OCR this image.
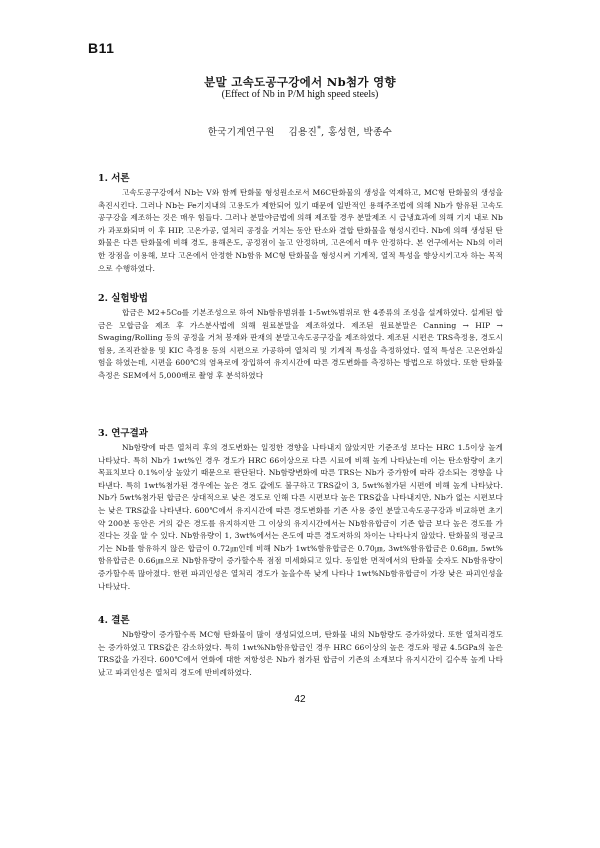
B11
분말 고속도공구강에서 Nb첨가 영향
(Effect of Nb in P/M high speed steels)
한국기계연구원 김용진*, 홍성현, 박종수
1. 서론

고속도공구강에서 Nb는 V와 함께 탄화물 형성원소로서 M6C탄화물의 생성을 억제하고, MC형 탄화물의 생성을 촉진시킨다. 그러나 Nb는 Fe기지내의 고용도가 제한되어 있기 때문에 일반적인 용해주조법에 의해 Nb가 함유된 고속도공구강을 제조하는 것은 매우 힘들다. 그러나 분말야금법에 의해 제조할 경우 분말제조 시 급냉효과에 의해 기지 내로 Nb가 과포화되며 이 후 HIP, 고온가공, 열처리 공정을 거치는 동안 탄소와 결합 탄화물을 형성시킨다. Nb에 의해 생성된 탄화물은 다른 탄화물에 비해 경도, 용해온도, 공정점이 높고 안정하며, 고온에서 매우 안정하다. 본 연구에서는 Nb의 이러한 장점을 이용해, 보다 고온에서 안정한 Nb함유 MC형 탄화물을 형성시켜 기계적, 열적 특성을 향상시키고자 하는 목적으로 수행하였다.

2. 실험방법

합금은 M2+5Co를 기본조성으로 하여 Nb함유범위를 1-5wt%범위로 한 4종류의 조성을 설계하였다. 설계된 합금은 모합금을 제조 후 가스분사법에 의해 원료분말을 제조하였다. 제조된 원료분말은 Canning → HIP → Swaging/Rolling 등의 공정을 거쳐 봉재와 판재의 분말고속도공구강을 제조하였다. 제조된 시편은 TRS측정용, 경도시험용, 조직관찰용 및 KIC 측정용 등의 시편으로 가공하여 열처리 및 기계적 특성을 측정하였다. 열적 특성은 고온연화실험을 하였는데, 시편을 600℃의 염욕로에 장입하여 유지시간에 따른 경도변화를 측정하는 방법으로 하였다. 또한 탄화물 측정은 SEM에서 5,000배로 촬영 후 분석하였다

3. 연구결과

Nb함량에 따른 열처리 후의 경도변화는 일정한 경향을 나타내지 않았지만 기준조성 보다는 HRC 1.5이상 높게 나타났다. 특히 Nb가 1wt%인 경우 경도가 HRC 66이상으로 다른 시료에 비해 높게 나타났는데 이는 탄소함량이 초기 목표치보다 0.1%이상 높았기 때문으로 판단된다. Nb함량변화에 따른 TRS는 Nb가 증가함에 따라 감소되는 경향을 나타낸다. 특히 1wt%첨가된 경우에는 높은 경도 값에도 불구하고 TRS값이 3, 5wt%첨가된 시편에 비해 높게 나타났다. Nb가 5wt%첨가된 합금은 상대적으로 낮은 경도로 인해 다른 시편보다 높은 TRS값을 나타내지만, Nb가 없는 시편보다는 낮은 TRS값을 나타낸다. 600℃에서 유지시간에 따른 경도변화를 기존 사용 중인 분말고속도공구강과 비교하면 초기 약 200분 동안은 거의 같은 경도를 유지하지만 그 이상의 유지시간에서는 Nb함유합금이 기존 합금 보다 높은 경도를 가진다는 것을 알 수 있다. Nb함유량이 1, 3wt%에서는 온도에 따른 경도저하의 차이는 나타나지 않았다. 탄화물의 평균크기는 Nb를 함유하지 않은 합금이 0.72㎛인데 비해 Nb가 1wt%함유합금은 0.70㎛, 3wt%함유합금은 0.68㎛, 5wt%함유합금은 0.66㎛으로 Nb함유량이 증가할수록 점점 미세화되고 있다. 동일한 면적에서의 탄화물 숫자도 Nb함유량이 증가할수록 많아졌다. 한편 파괴인성은 열처리 경도가 높을수록 낮게 나타나 1wt%Nb함유합금이 가장 낮은 파괴인성을 나타났다.

4. 결론

Nb함량이 증가할수록 MC형 탄화물이 많이 생성되었으며, 탄화물 내의 Nb함량도 증가하였다. 또한 열처리경도는 증가하였고 TRS값은 감소하였다. 특히 1wt%Nb함유합금인 경우 HRC 66이상의 높은 경도와 평균 4.5GPa의 높은 TRS값을 가진다. 600℃에서 연화에 대한 저항성은 Nb가 첨가된 합금이 기존의 소재보다 유지시간이 길수록 높게 나타났고 파괴인성은 열처리 경도에 반비례하였다.

42
